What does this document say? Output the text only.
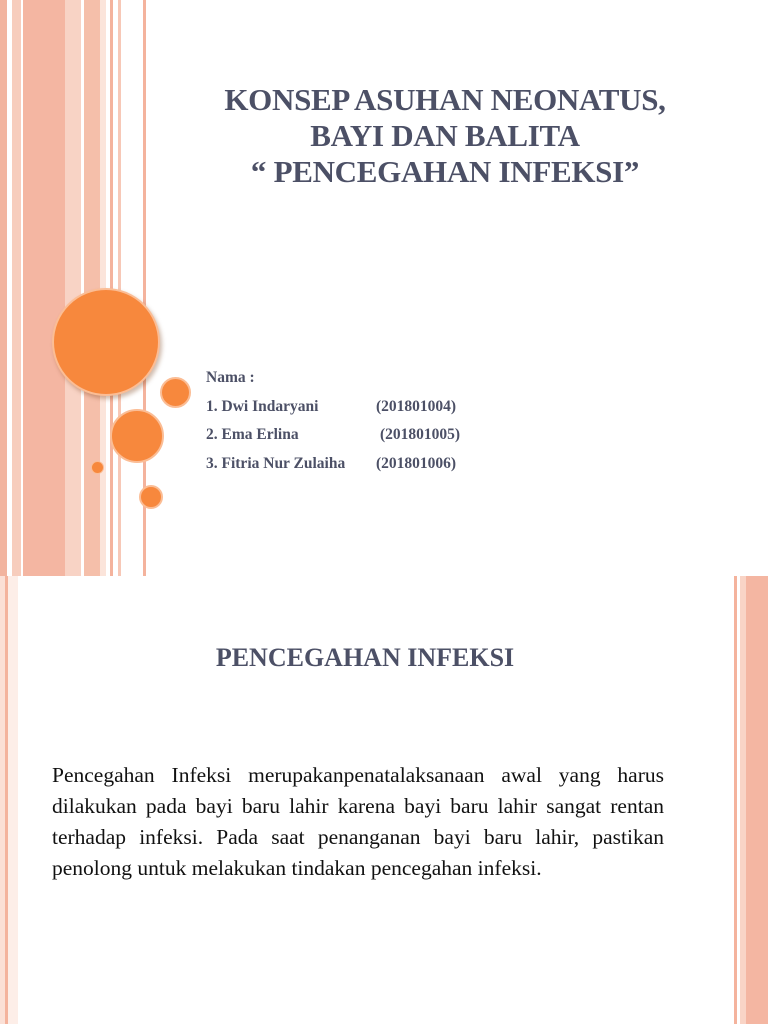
KONSEP ASUHAN NEONATUS,
BAYI DAN BALITA
“ PENCEGAHAN INFEKSI”
Nama :
1. Dwi Indaryani	(201801004)
2. Ema Erlina	(201801005)
3. Fitria Nur Zulaiha (201801006)
PENCEGAHAN INFEKSI

Pencegahan Infeksi merupakanpenatalaksanaan awal yang harus dilakukan pada bayi baru lahir karena bayi baru lahir sangat rentan terhadap infeksi. Pada saat penanganan bayi baru lahir, pastikan penolong untuk melakukan tindakan pencegahan infeksi.
